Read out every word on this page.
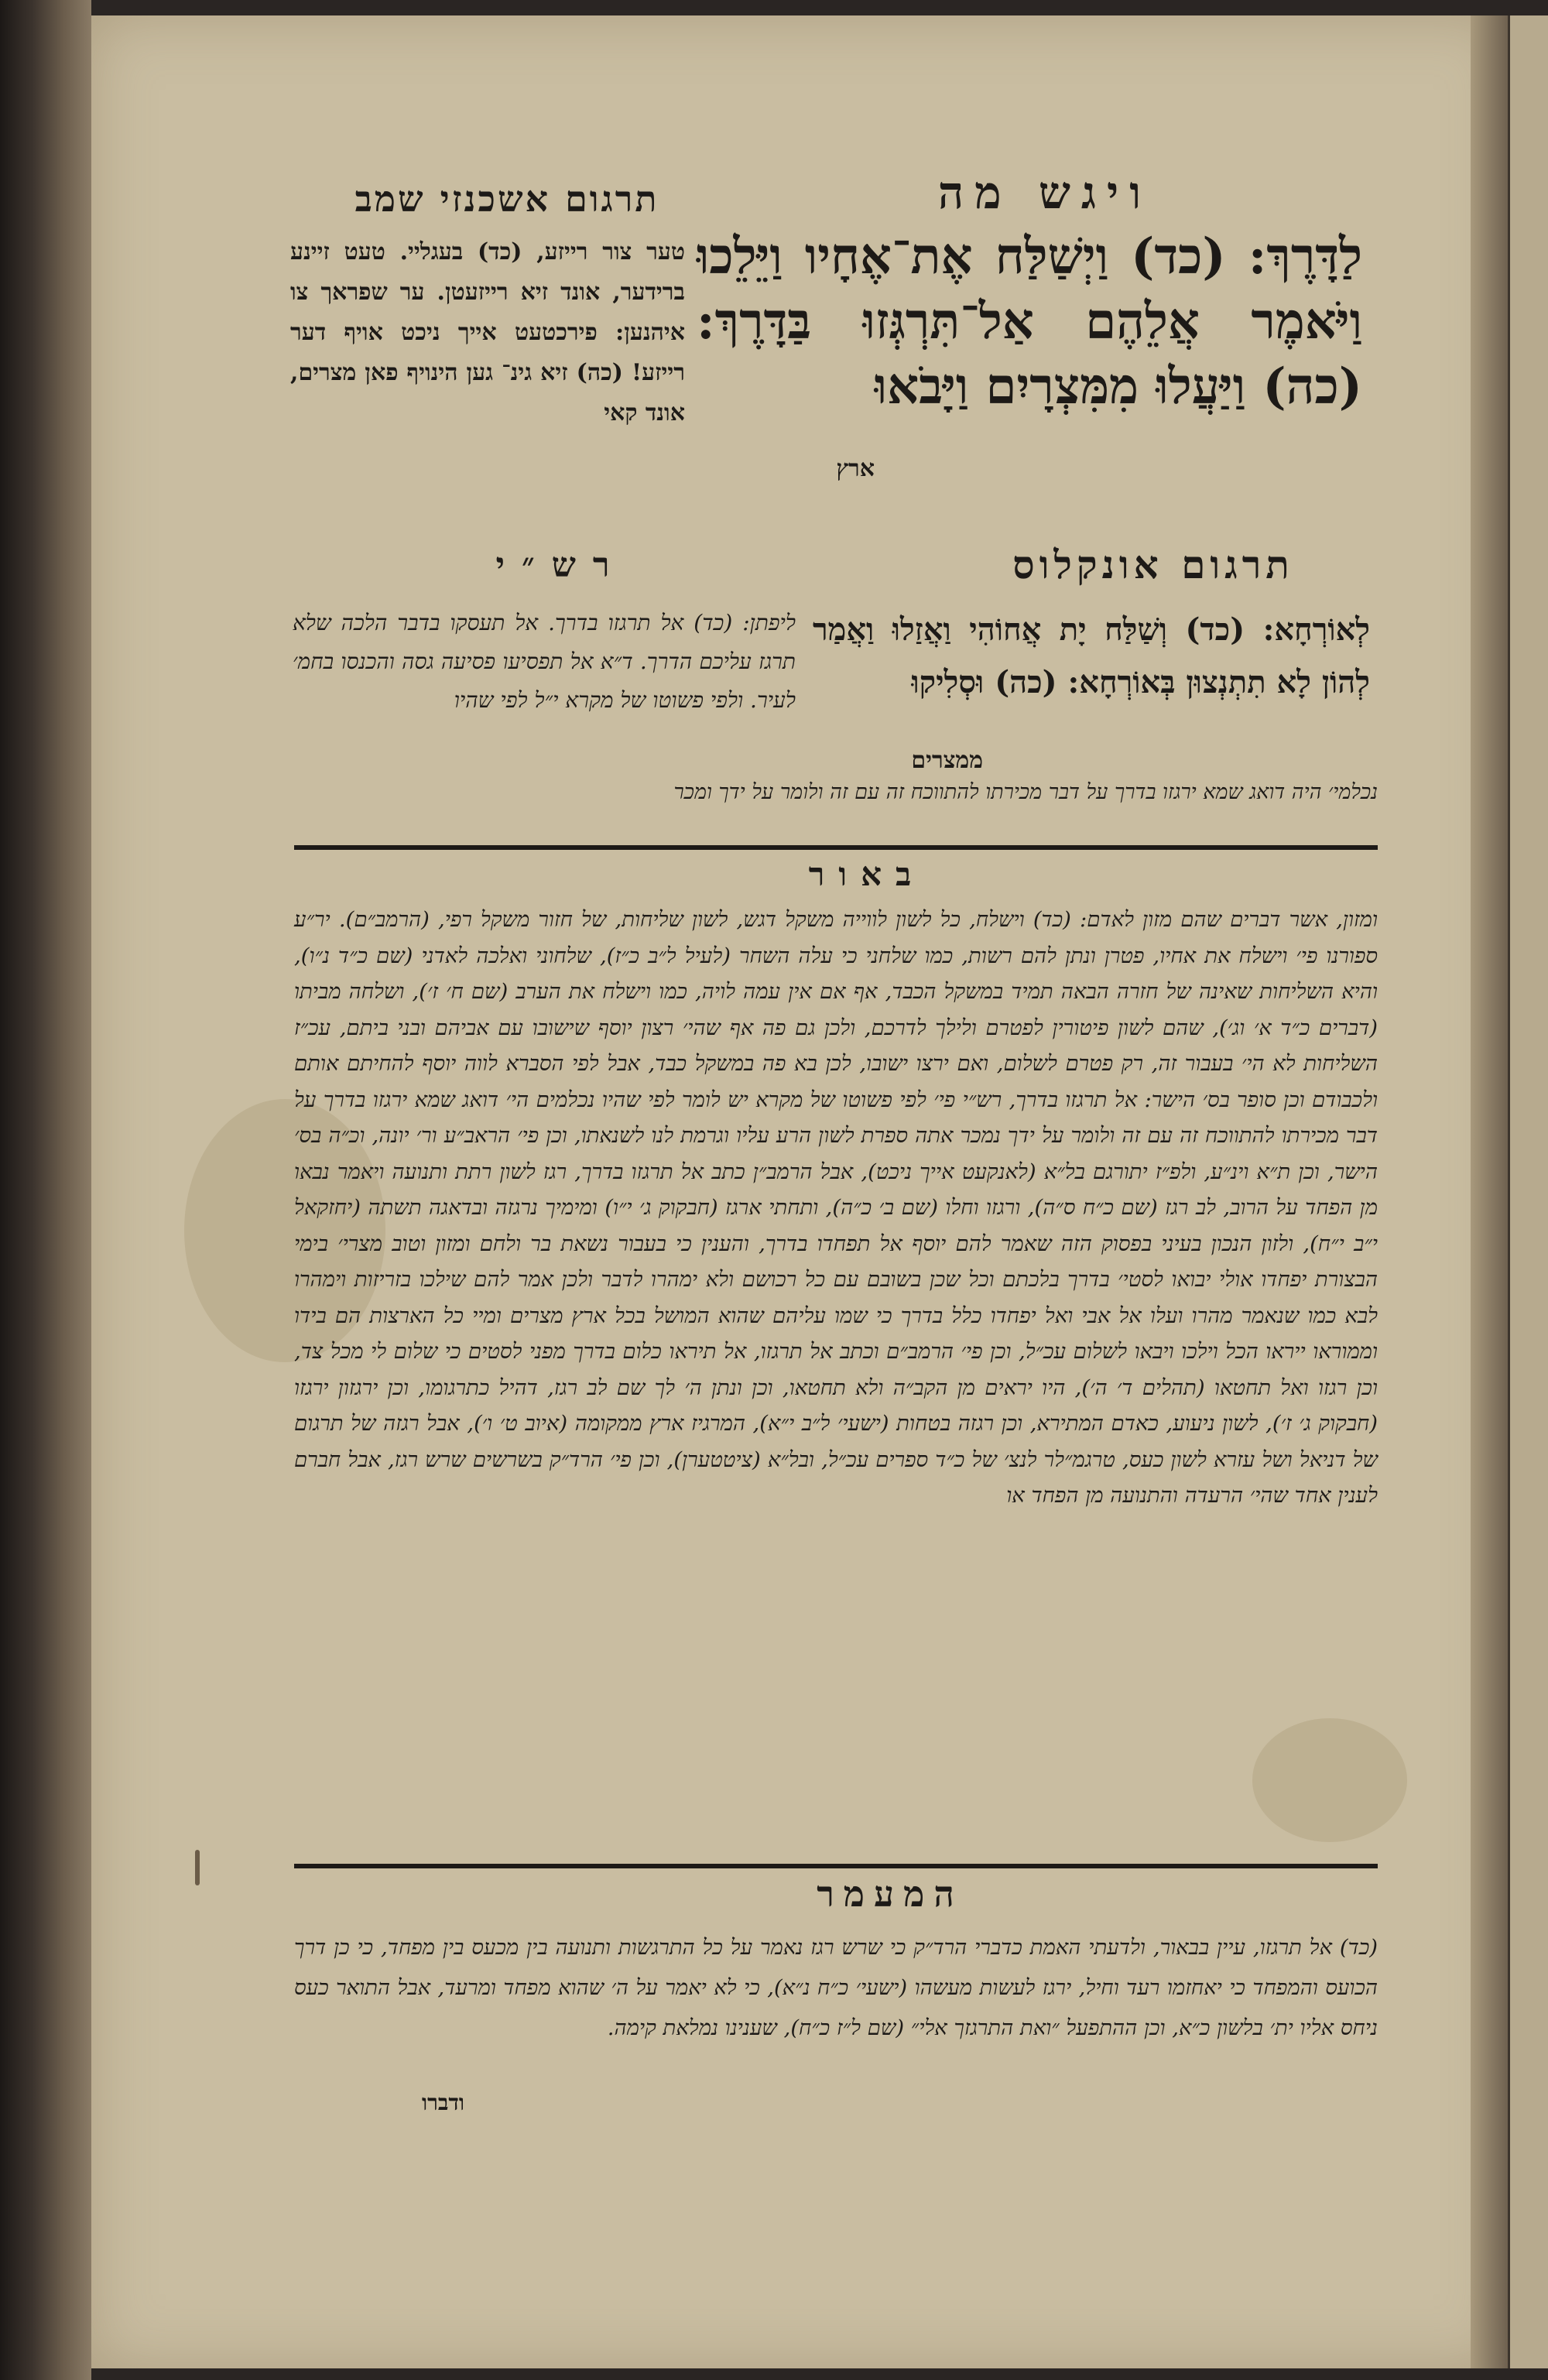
ויגש מה
לַדָּרֶךְ: (כד) וַיְשַׁלַּח אֶת־אֶחָיו וַיֵּלֵכוּ וַיֹּאמֶר אֲלֵהֶם אַל־תִּרְגְּזוּ בַּדָּרֶךְ: (כה) וַיַּעֲלוּ מִמִּצְרָיִם וַיָּבֹאוּ
ארץ
תרגום אשכנזי שמב
טער צור רייזע, (כד) בעגליי. טעט זיינע ברידער, אונד זיא רייזעטן. ער שפראך צו איהנען: פירכטעט אייך ניכט אויף דער רייזע! (כה) זיא גינ־ גען הינויף פאן מצרים, אונד קאי
תרגום אונקלוס
לְאוֹרְחָא: (כד) וְשַׁלַּח יָת אֲחוֹהִי וַאֲזַלוּ וַאֲמַר לְהוֹן לָא תִתְנְצוּן בְּאוֹרְחָא: (כה) וּסְלִיקוּ
ממצרים
רש״י
ליפתן: (כד) אל תרגזו בדרך. אל תעסקו בדבר הלכה שלא תרגז עליכם הדרך. ד״א אל תפסיעו פסיעה גסה והכנסו בחמ׳ לעיר. ולפי פשוטו של מקרא י״ל לפי שהיו
נכלמי׳ היה דואג שמא ירגזו בדרך על דבר מכירתו להתווכח זה עם זה ולומר על ידך ומכר
באור
ומזון, אשר דברים שהם מזון לאדם: (כד) וישלח, כל לשון לווייה משקל דגש, לשון שליחות, של חזור משקל רפי, (הרמב״ם). יר״ע ספורנו פי׳ וישלח את אחיו, פטרן ונתן להם רשות, כמו שלחני כי עלה השחר (לעיל ל״ב כ״ז), שלחוני ואלכה לאדני (שם כ״ד נ״ו), והיא השליחות שאינה של חזרה הבאה תמיד במשקל הכבד, אף אם אין עמה לויה, כמו וישלח את הערב (שם ח׳ ז׳), ושלחה מביתו (דברים כ״ד א׳ וג׳), שהם לשון פיטורין לפטרם ולילך לדרכם, ולכן גם פה אף שהי׳ רצון יוסף שישובו עם אביהם ובני ביתם, עכ״ז השליחות לא הי׳ בעבור זה, רק פטרם לשלום, ואם ירצו ישובו, לכן בא פה במשקל כבד, אבל לפי הסברא לווה יוסף להחיתם אותם ולכבודם וכן סופר בס׳ הישר: אל תרגזו בדרך, רש״י פי׳ לפי פשוטו של מקרא יש לומר לפי שהיו נכלמים הי׳ דואג שמא ירגזו בדרך על דבר מכירתו להתווכח זה עם זה ולומר על ידך נמכר אתה ספרת לשון הרע עליו וגרמת לנו לשנאתו, וכן פי׳ הראב״ע ור׳ יונה, וכ״ה בס׳ הישר, וכן ת״א וינ״ע, ולפ״ז יתורגם בל״א (לאנקעט אייך ניכט), אבל הרמב״ן כתב אל תרגזו בדרך, רגז לשון רתת ותנועה ויאמר נבאו מן הפחד על הרוב, לב רגז (שם כ״ח ס״ה), ורגזו וחלו (שם ב׳ כ״ה), ותחתי ארגז (חבקוק ג׳ י״ו) ומימיך נרגזה ובדאגה תשתה (יחזקאל י״ב י״ח), ולזון הנכון בעיני בפסוק הזה שאמר להם יוסף אל תפחדו בדרך, והענין כי בעבור נשאת בר ולחם ומזון וטוב מצרי׳ בימי הבצורת יפחדו אולי יבואו לסטי׳ בדרך בלכתם וכל שכן בשובם עם כל רכושם ולא ימהרו לדבר ולכן אמר להם שילכו בזריזות וימהרו לבא כמו שנאמר מהרו ועלו אל אבי ואל יפחדו כלל בדרך כי שמו עליהם שהוא המושל בכל ארץ מצרים ומיי כל הארצות הם בידו וממוראו ייראו הכל וילכו ויבאו לשלום עכ״ל, וכן פי׳ הרמב״ם וכתב אל תרגזו, אל תיראו כלום בדרך מפני לסטים כי שלום לי מכל צד, וכן רגזו ואל תחטאו (תהלים ד׳ ה׳), היו יראים מן הקב״ה ולא תחטאו, וכן ונתן ה׳ לך שם לב רגז, דהיל כתרגומו, וכן ירגזון ירגזו (חבקוק ג׳ ז׳), לשון ניעוע, כאדם המתירא, וכן רגזה בטחות (ישעי׳ ל״ב י״א), המרגיז ארץ ממקומה (איוב ט׳ ו׳), אבל רגזה של תרגום של דניאל ושל עזרא לשון כעס, טרגמ״לר לנצ׳ של כ״ד ספרים עכ״ל, ובל״א (ציטטערן), וכן פי׳ הרד״ק בשרשים שרש רגז, אבל חברם לענין אחד שהי׳ הרעדה והתנועה מן הפחד או
המעמר
(כד) אל תרגזו, עיין בבאור, ולדעתי האמת כדברי הרד״ק כי שרש רגז נאמר על כל התרגשות ותנועה בין מכעס בין מפחד, כי כן דרך הכועס והמפחד כי יאחזמו רעד וחיל, ירגז לעשות מעשהו (ישעי׳ כ״ח נ״א), כי לא יאמר על ה׳ שהוא מפחד ומרעד, אבל התואר כעס ניחס אליו ית׳ בלשון כ״א, וכן ההתפעל ״ואת התרגזך אלי״ (שם ל״ז כ״ח), שענינו נמלאת קימה.
ודברו
